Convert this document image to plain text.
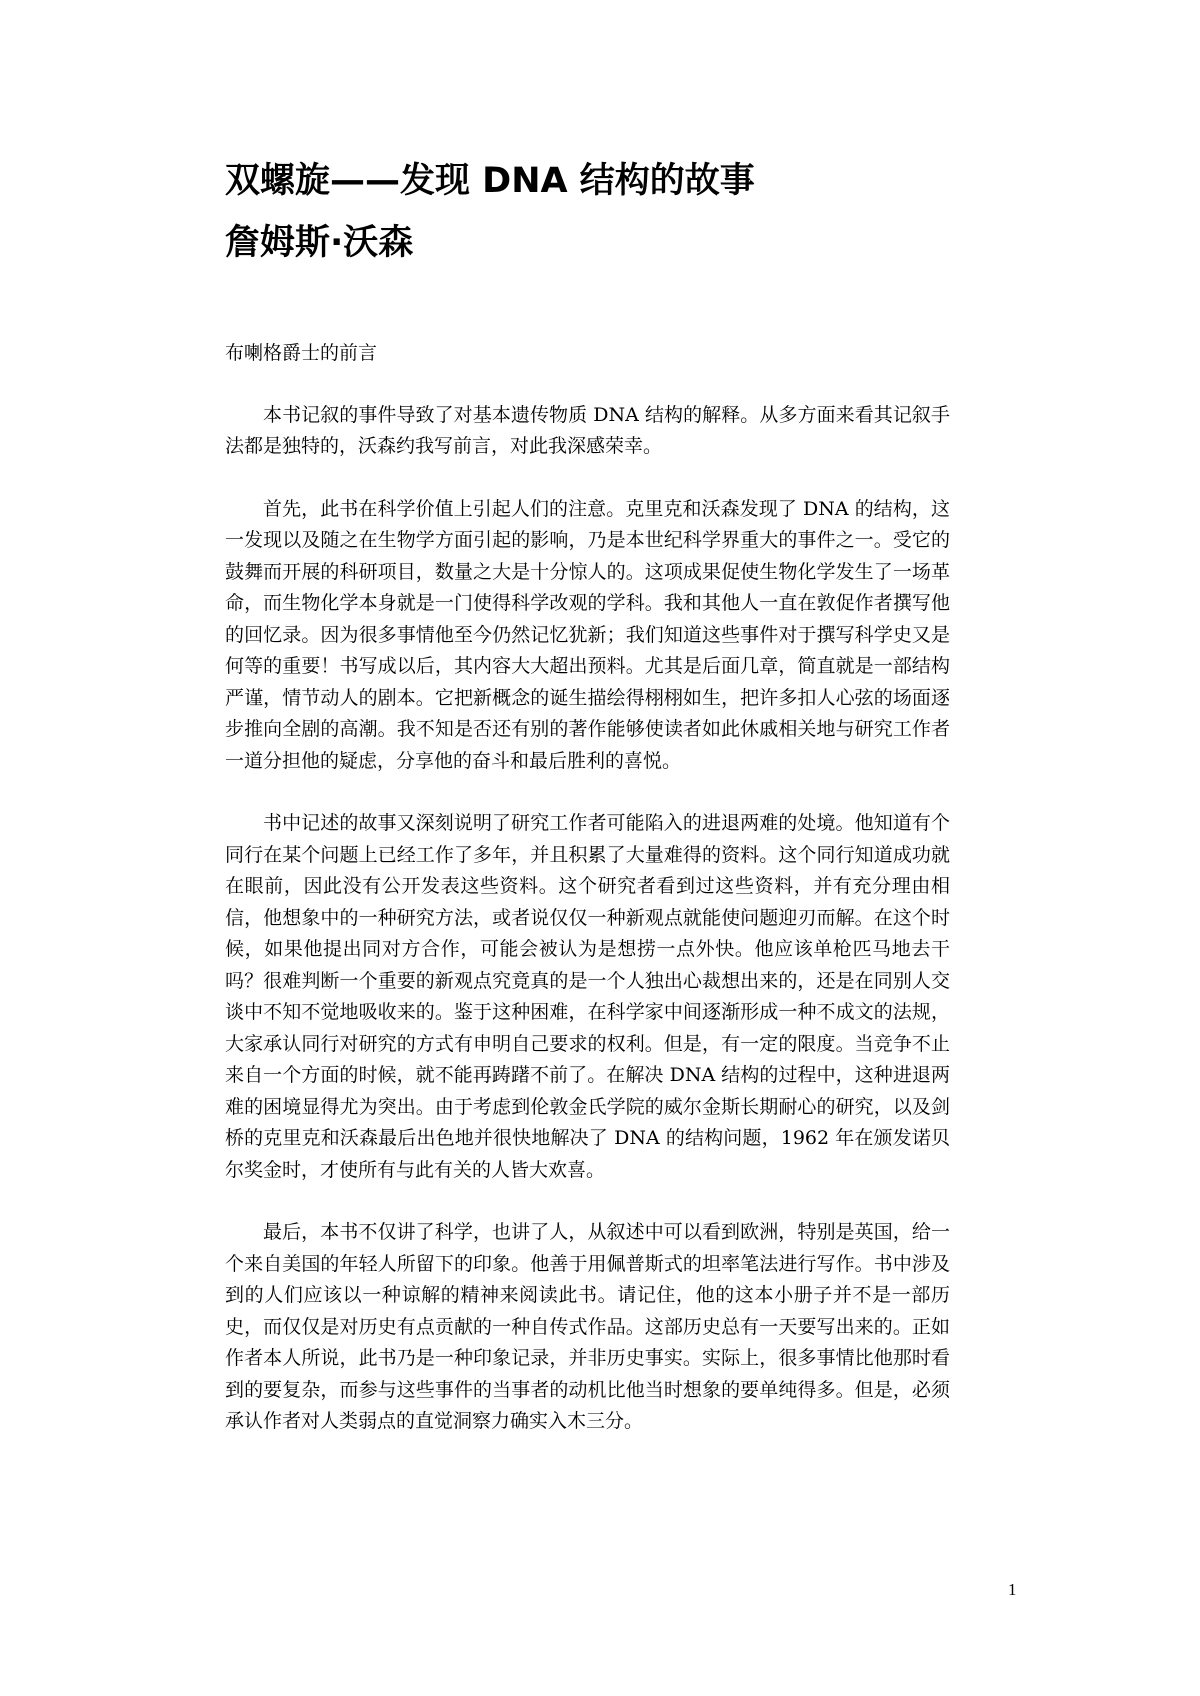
双螺旋——发现 DNA 结构的故事
詹姆斯·沃森

布喇格爵士的前言

本书记叙的事件导致了对基本遗传物质 DNA 结构的解释。从多方面来看其记叙手法都是独特的，沃森约我写前言，对此我深感荣幸。

首先，此书在科学价值上引起人们的注意。克里克和沃森发现了 DNA 的结构，这一发现以及随之在生物学方面引起的影响，乃是本世纪科学界重大的事件之一。受它的鼓舞而开展的科研项目，数量之大是十分惊人的。这项成果促使生物化学发生了一场革命，而生物化学本身就是一门使得科学改观的学科。我和其他人一直在敦促作者撰写他的回忆录。因为很多事情他至今仍然记忆犹新；我们知道这些事件对于撰写科学史又是何等的重要！书写成以后，其内容大大超出预料。尤其是后面几章，简直就是一部结构严谨，情节动人的剧本。它把新概念的诞生描绘得栩栩如生，把许多扣人心弦的场面逐步推向全剧的高潮。我不知是否还有别的著作能够使读者如此休戚相关地与研究工作者一道分担他的疑虑，分享他的奋斗和最后胜利的喜悦。

书中记述的故事又深刻说明了研究工作者可能陷入的进退两难的处境。他知道有个同行在某个问题上已经工作了多年，并且积累了大量难得的资料。这个同行知道成功就在眼前，因此没有公开发表这些资料。这个研究者看到过这些资料，并有充分理由相信，他想象中的一种研究方法，或者说仅仅一种新观点就能使问题迎刃而解。在这个时候，如果他提出同对方合作，可能会被认为是想捞一点外快。他应该单枪匹马地去干吗？很难判断一个重要的新观点究竟真的是一个人独出心裁想出来的，还是在同别人交谈中不知不觉地吸收来的。鉴于这种困难，在科学家中间逐渐形成一种不成文的法规，大家承认同行对研究的方式有申明自己要求的权利。但是，有一定的限度。当竞争不止来自一个方面的时候，就不能再踌躇不前了。在解决 DNA 结构的过程中，这种进退两难的困境显得尤为突出。由于考虑到伦敦金氏学院的威尔金斯长期耐心的研究，以及剑桥的克里克和沃森最后出色地并很快地解决了 DNA 的结构问题，1962 年在颁发诺贝尔奖金时，才使所有与此有关的人皆大欢喜。

最后，本书不仅讲了科学，也讲了人，从叙述中可以看到欧洲，特别是英国，给一个来自美国的年轻人所留下的印象。他善于用佩普斯式的坦率笔法进行写作。书中涉及到的人们应该以一种谅解的精神来阅读此书。请记住，他的这本小册子并不是一部历史，而仅仅是对历史有点贡献的一种自传式作品。这部历史总有一天要写出来的。正如作者本人所说，此书乃是一种印象记录，并非历史事实。实际上，很多事情比他那时看到的要复杂，而参与这些事件的当事者的动机比他当时想象的要单纯得多。但是，必须承认作者对人类弱点的直觉洞察力确实入木三分。

1
